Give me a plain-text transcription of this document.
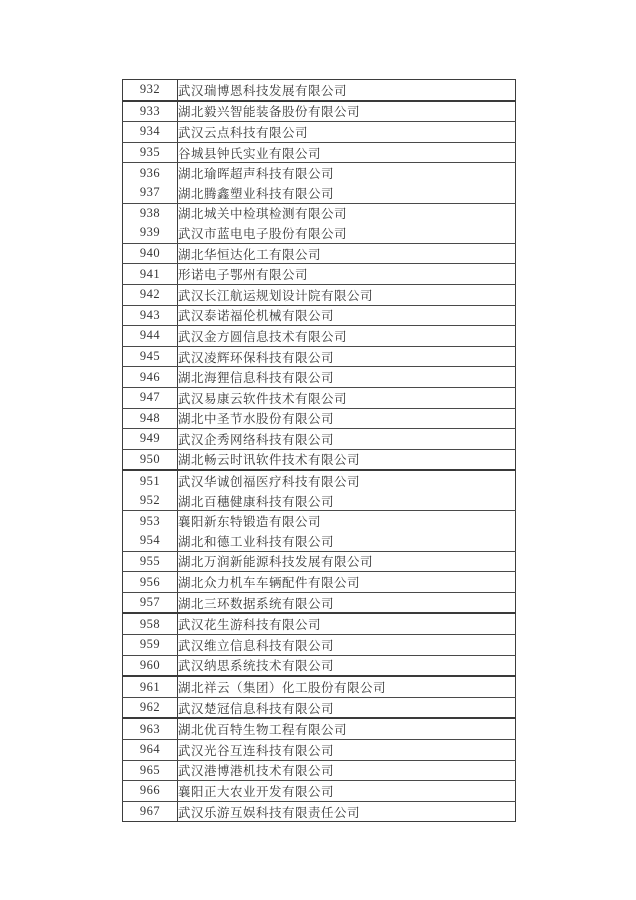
932	武汉瑞博恩科技发展有限公司
933	湖北毅兴智能装备股份有限公司
934	武汉云点科技有限公司
935	谷城县钟氏实业有限公司
936	湖北瑜晖超声科技有限公司
937	湖北腾鑫塑业科技有限公司
938	湖北城关中检琪检测有限公司
939	武汉市蓝电电子股份有限公司
940	湖北华恒达化工有限公司
941	形诺电子鄂州有限公司
942	武汉长江航运规划设计院有限公司
943	武汉泰诺福伦机械有限公司
944	武汉金方圆信息技术有限公司
945	武汉凌辉环保科技有限公司
946	湖北海狸信息科技有限公司
947	武汉易康云软件技术有限公司
948	湖北中圣节水股份有限公司
949	武汉企秀网络科技有限公司
950	湖北畅云时讯软件技术有限公司
951	武汉华诚创福医疗科技有限公司
952	湖北百穗健康科技有限公司
953	襄阳新东特锻造有限公司
954	湖北和德工业科技有限公司
955	湖北万润新能源科技发展有限公司
956	湖北众力机车车辆配件有限公司
957	湖北三环数据系统有限公司
958	武汉花生游科技有限公司
959	武汉维立信息科技有限公司
960	武汉纳思系统技术有限公司
961	湖北祥云（集团）化工股份有限公司
962	武汉楚冠信息科技有限公司
963	湖北优百特生物工程有限公司
964	武汉光谷互连科技有限公司
965	武汉港博港机技术有限公司
966	襄阳正大农业开发有限公司
967	武汉乐游互娱科技有限责任公司
